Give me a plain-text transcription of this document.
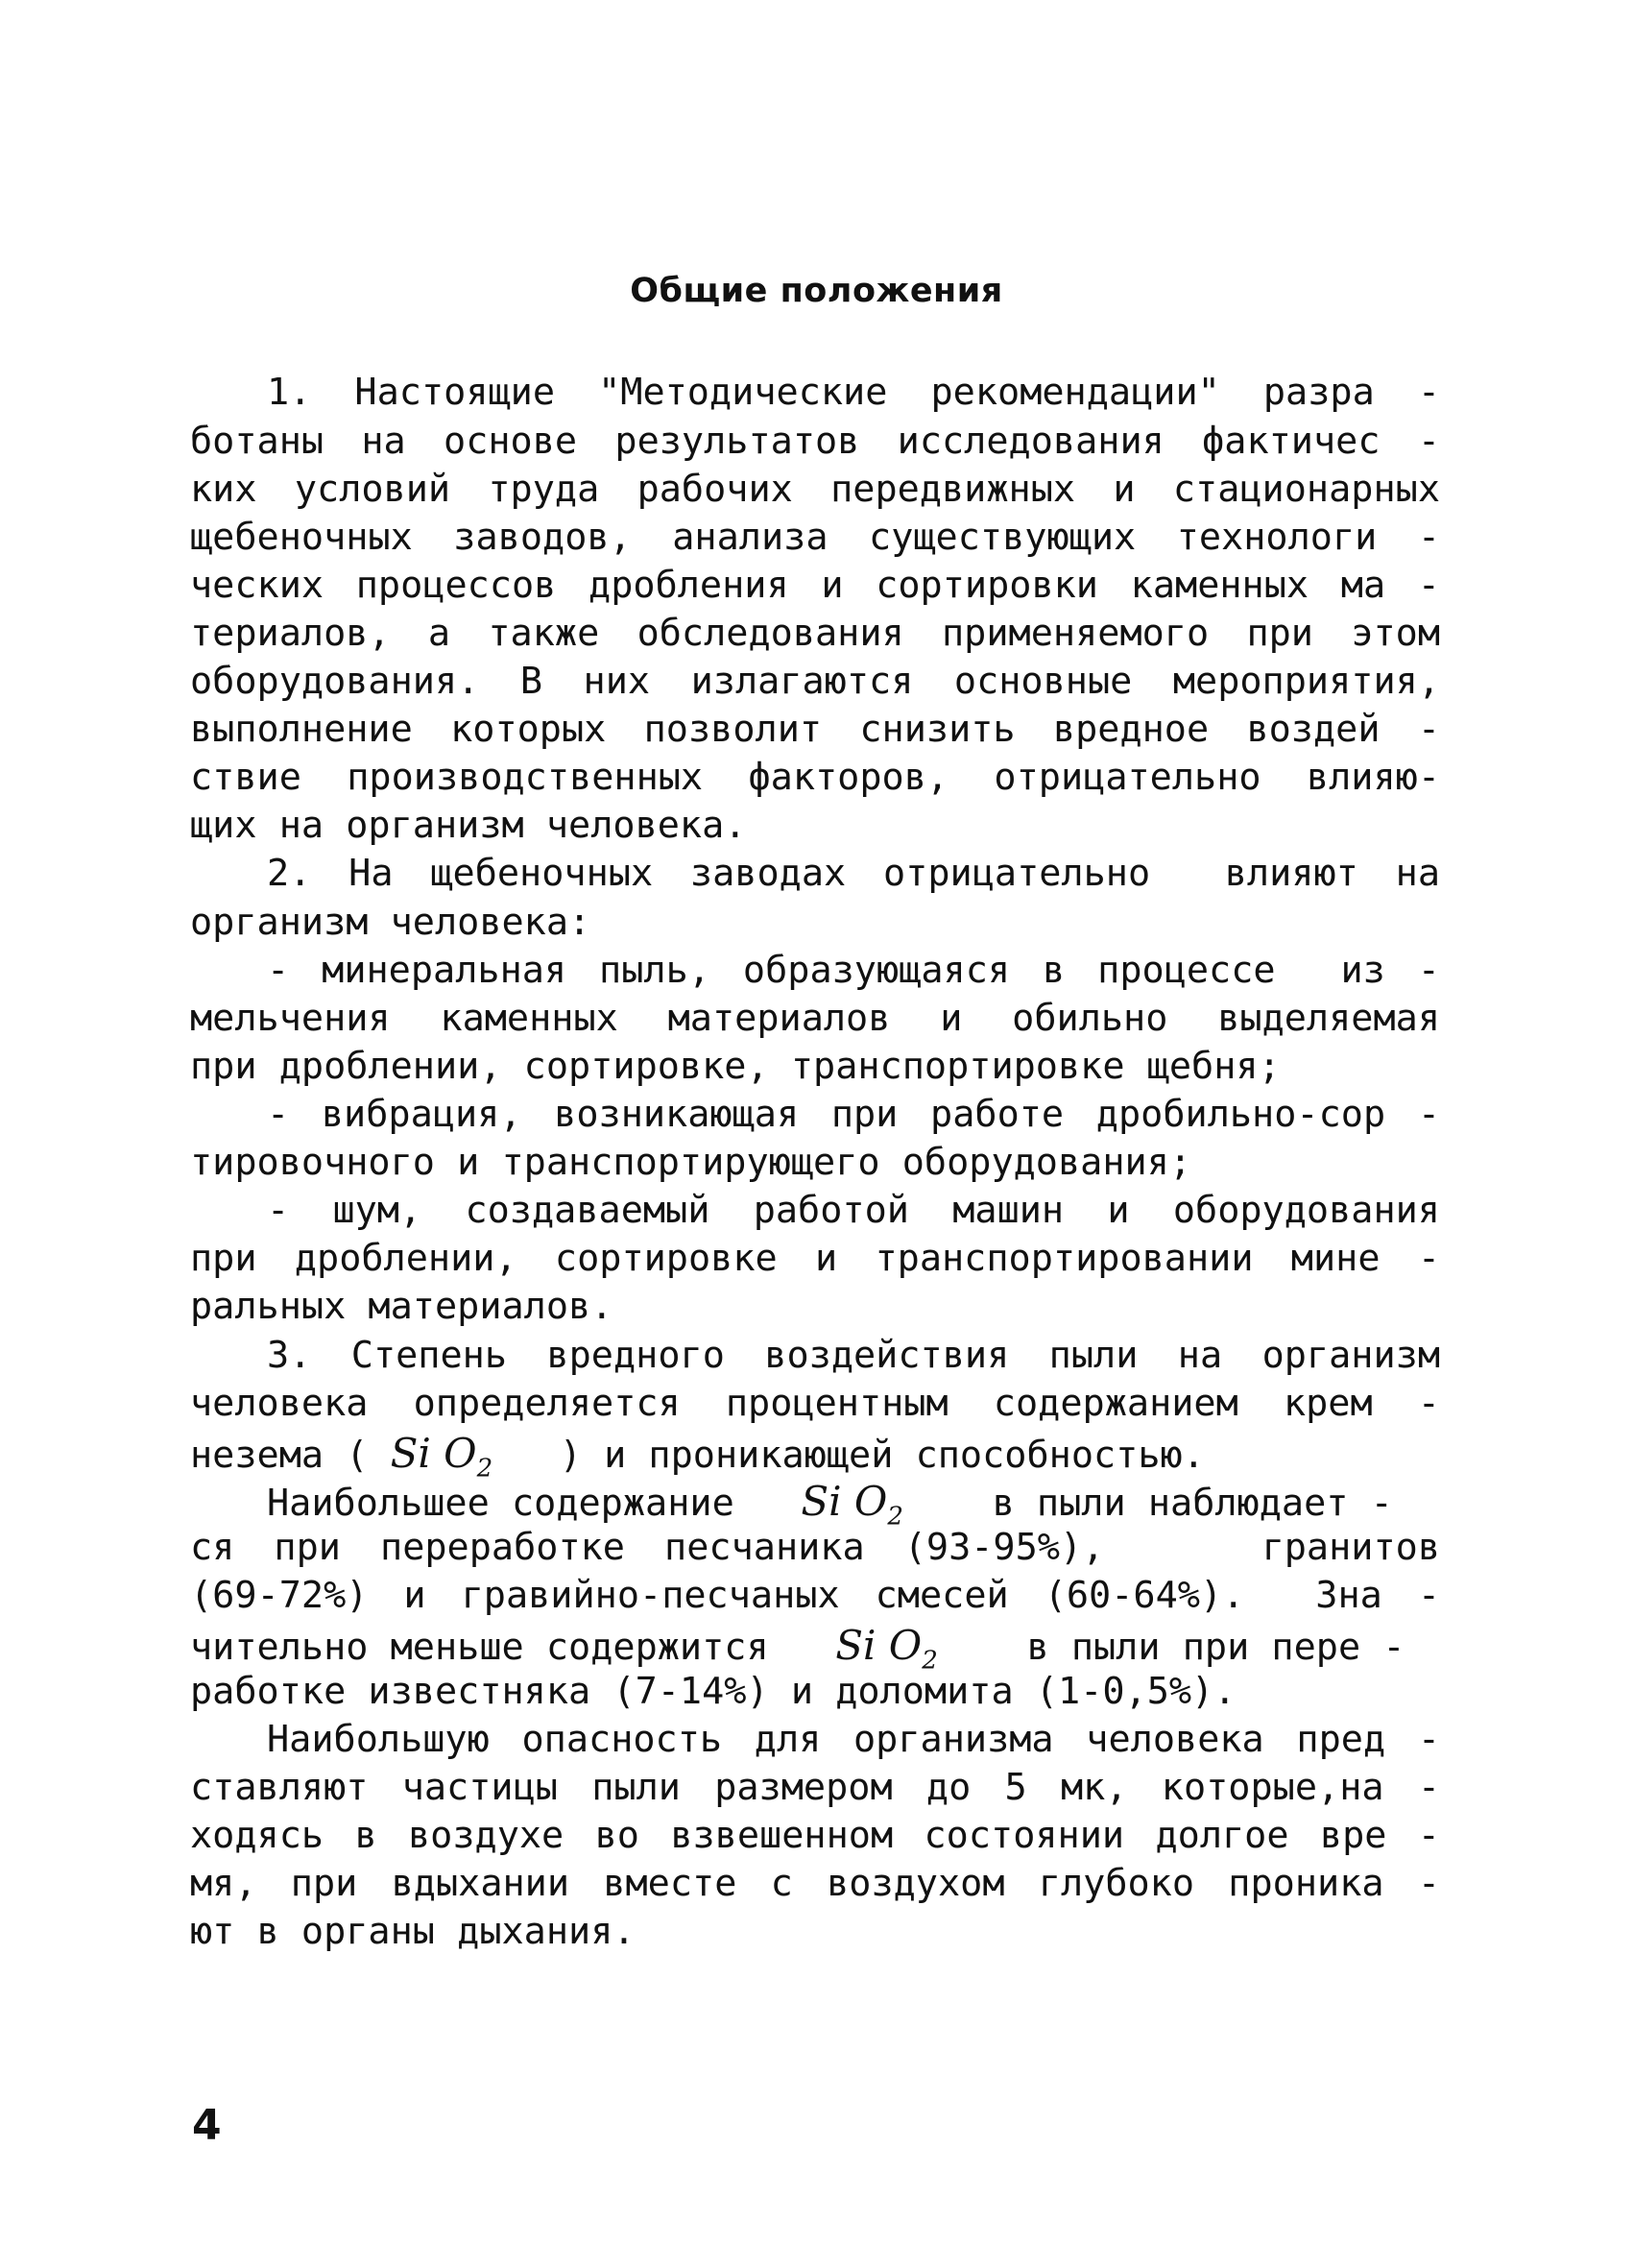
Общие положения
1. Настоящие "Методические рекомендации" разра -
ботаны на основе результатов исследования фактичес -
ких условий труда рабочих передвижных и стационарных
щебеночных заводов, анализа существующих технологи -
ческих процессов дробления и сортировки каменных ма -
териалов, а также обследования применяемого при этом
оборудования. В них излагаются основные мероприятия,
выполнение которых позволит снизить вредное воздей -
ствие производственных факторов, отрицательно влияю-
щих на организм человека.
2. На щебеночных заводах отрицательно  влияют на
организм человека:
- минеральная пыль, образующаяся в процессе  из -
мельчения каменных материалов и обильно выделяемая
при дроблении, сортировке, транспортировке щебня;
- вибрация, возникающая при работе дробильно-сор -
тировочного и транспортирующего оборудования;
- шум, создаваемый работой машин и оборудования
при дроблении, сортировке и транспортировании мине -
ральных материалов.
3. Степень вредного воздействия пыли на организм
человека определяется процентным содержанием крем -
незема ( Si $O_2$   ) и проникающей способностью.
Наибольшее содержание Si $O_2$ в пыли наблюдает -
ся при переработке песчаника (93-95%),    гранитов
(69-72%) и гравийно-песчаных смесей (60-64%).  Зна -
чительно меньше содержится Si $O_2$ в пыли при пере -
работке известняка (7-14%) и доломита (1-0,5%).
Наибольшую опасность для организма человека пред -
ставляют частицы пыли размером до 5 мк, которые,на -
ходясь в воздухе во взвешенном состоянии долгое вре -
мя, при вдыхании вместе с воздухом глубоко проника -
ют в органы дыхания.
4
